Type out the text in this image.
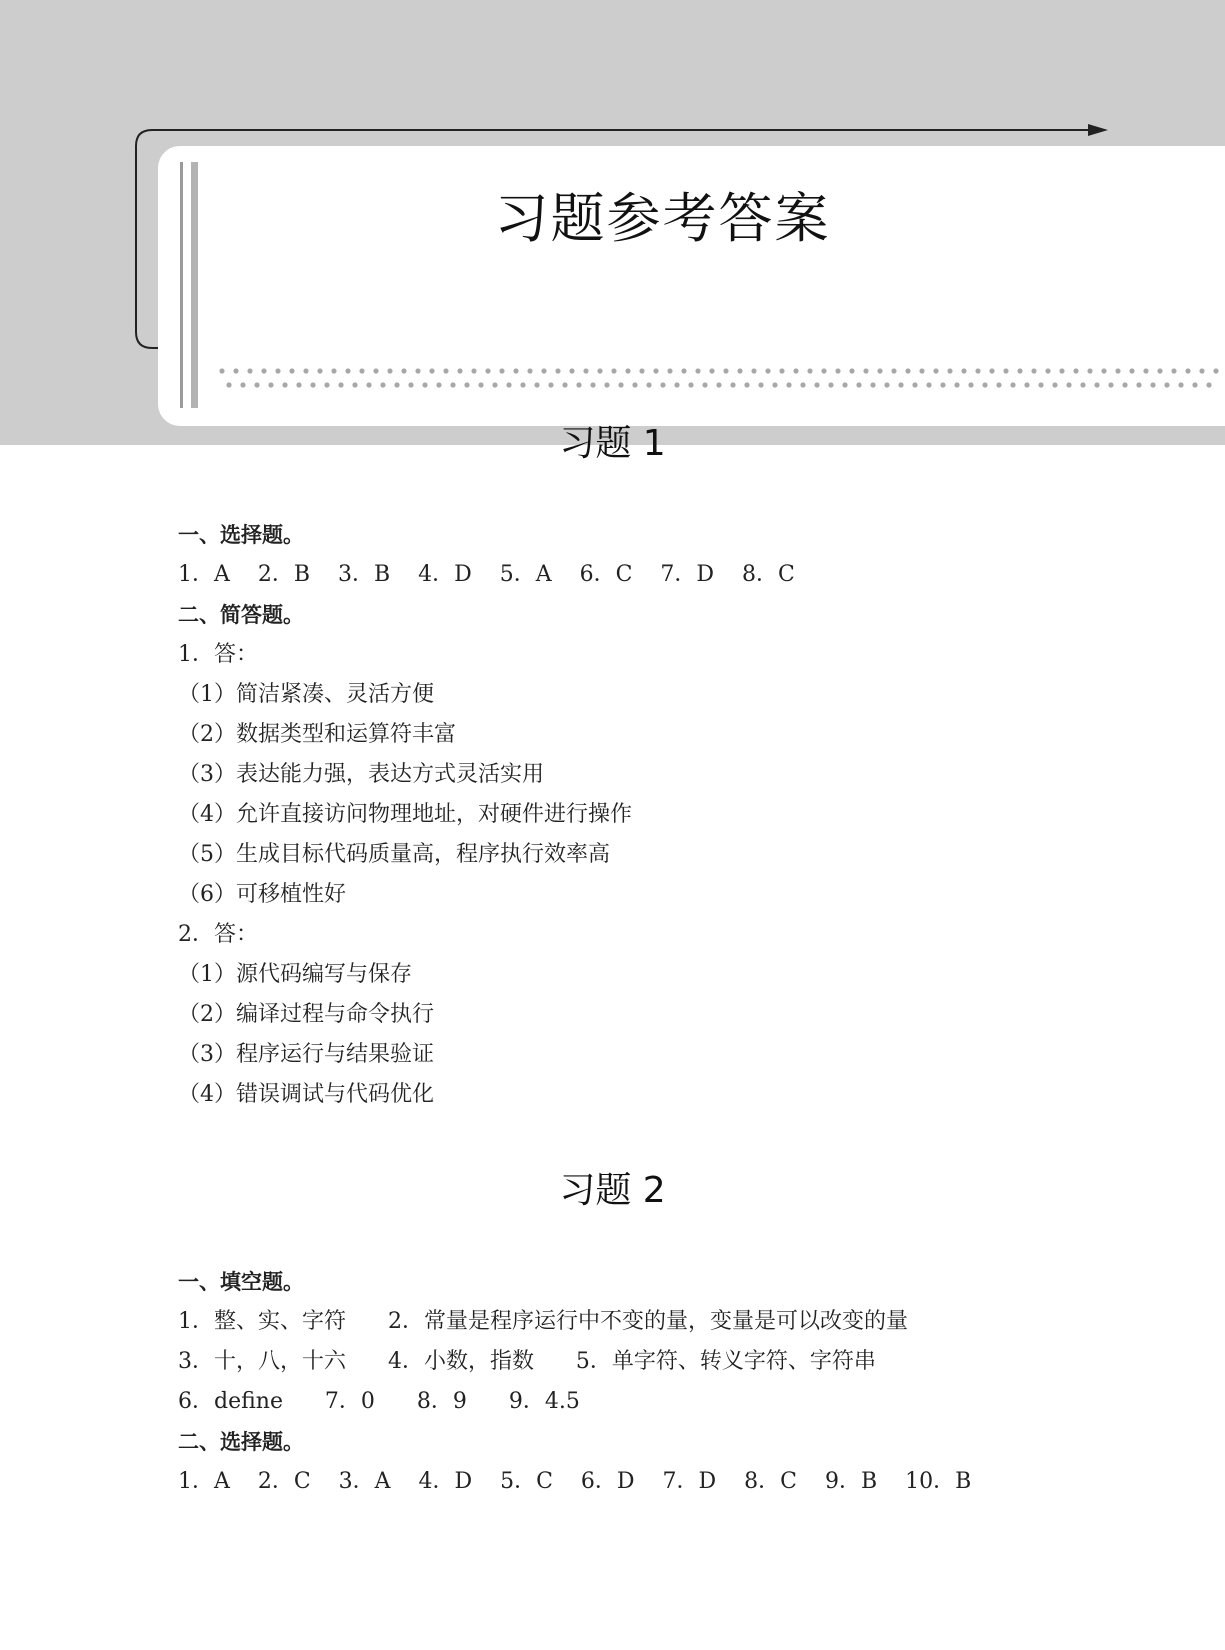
习题参考答案
习题 1
一、选择题。
1．A    2．B    3．B    4．D    5．A    6．C    7．D    8．C
二、简答题。
1．答：
（1）简洁紧凑、灵活方便
（2）数据类型和运算符丰富
（3）表达能力强，表达方式灵活实用
（4）允许直接访问物理地址，对硬件进行操作
（5）生成目标代码质量高，程序执行效率高
（6）可移植性好
2．答：
（1）源代码编写与保存
（2）编译过程与命令执行
（3）程序运行与结果验证
（4）错误调试与代码优化
习题 2
一、填空题。
1．整、实、字符      2．常量是程序运行中不变的量，变量是可以改变的量
3．十，八，十六      4．小数，指数      5．单字符、转义字符、字符串
6．define      7．0      8．9      9．4.5
二、选择题。
1．A    2．C    3．A    4．D    5．C    6．D    7．D    8．C    9．B    10．B
